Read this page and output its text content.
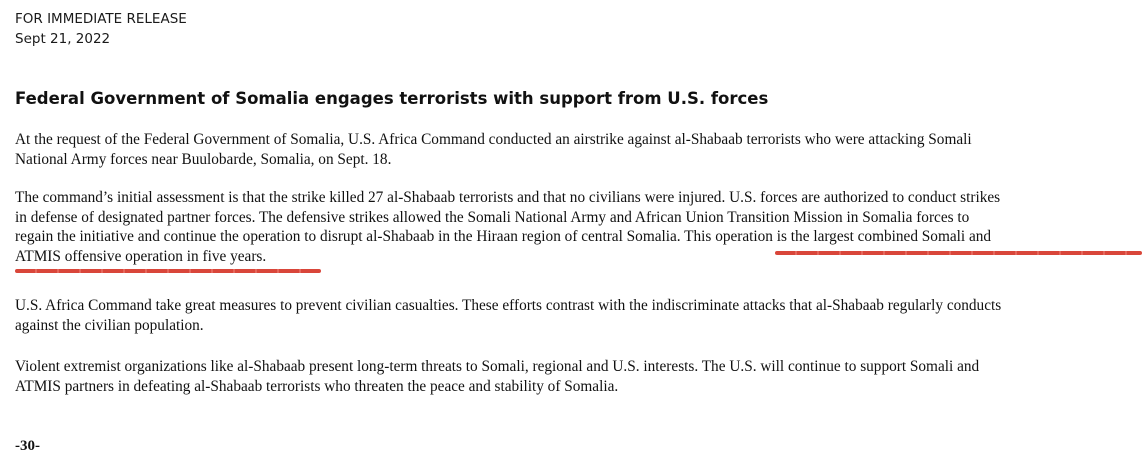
FOR IMMEDIATE RELEASE
Sept 21, 2022
Federal Government of Somalia engages terrorists with support from U.S. forces
At the request of the Federal Government of Somalia, U.S. Africa Command conducted an airstrike against al-Shabaab terrorists who were attacking Somali
National Army forces near Buulobarde, Somalia, on Sept. 18.
The command’s initial assessment is that the strike killed 27 al-Shabaab terrorists and that no civilians were injured. U.S. forces are authorized to conduct strikes
in defense of designated partner forces. The defensive strikes allowed the Somali National Army and African Union Transition Mission in Somalia forces to
regain the initiative and continue the operation to disrupt al-Shabaab in the Hiraan region of central Somalia. This operation is the largest combined Somali and
ATMIS offensive operation in five years.
U.S. Africa Command take great measures to prevent civilian casualties. These efforts contrast with the indiscriminate attacks that al-Shabaab regularly conducts
against the civilian population.
Violent extremist organizations like al-Shabaab present long-term threats to Somali, regional and U.S. interests. The U.S. will continue to support Somali and
ATMIS partners in defeating al-Shabaab terrorists who threaten the peace and stability of Somalia.
-30-
